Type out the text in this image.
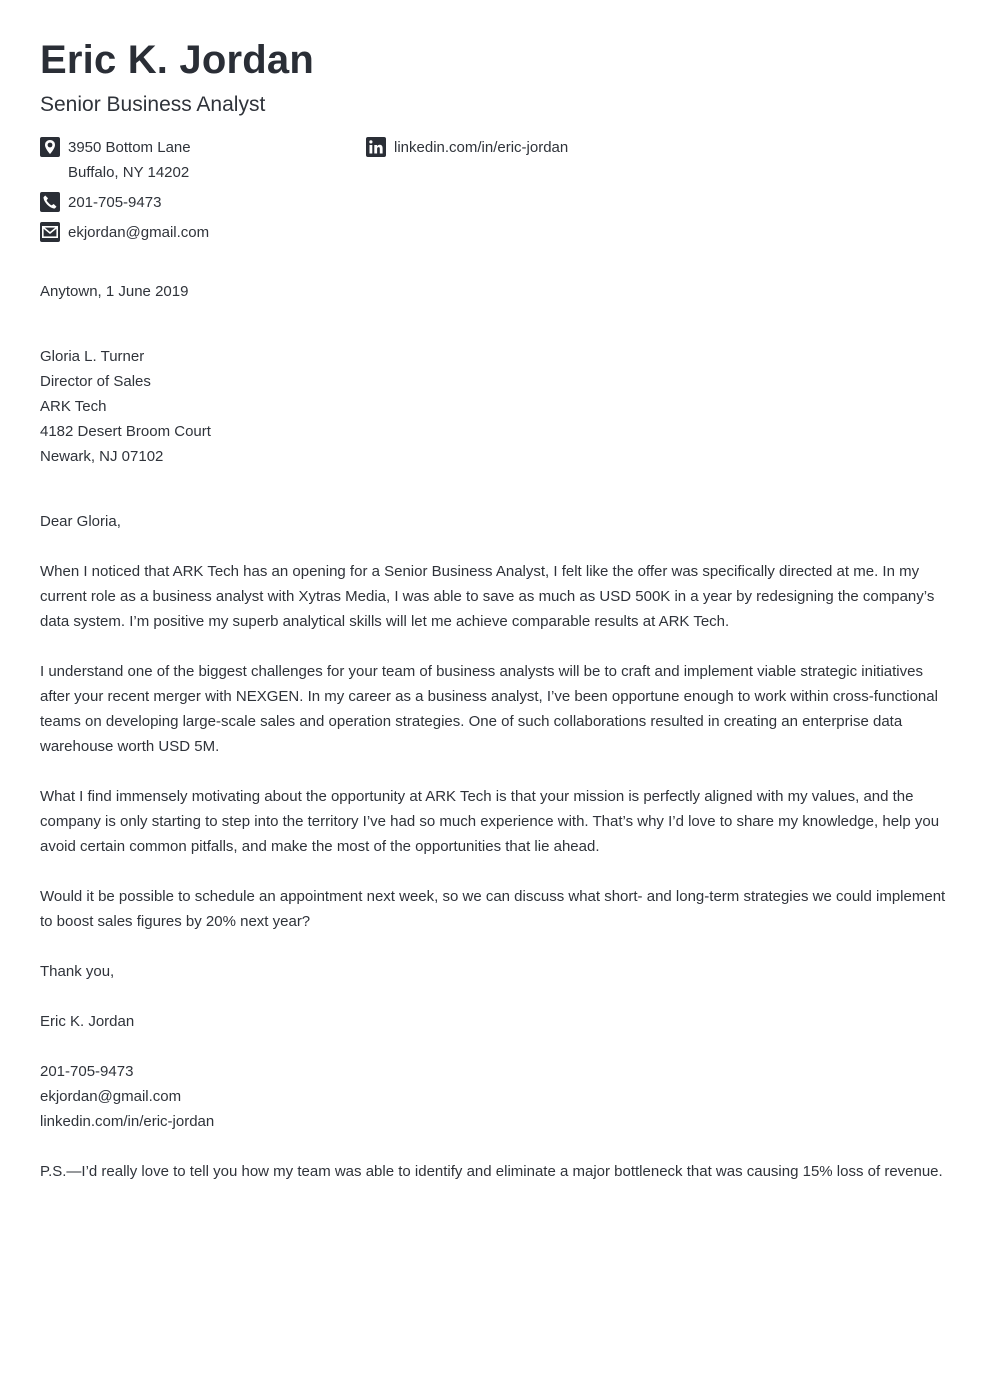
Eric K. Jordan
Senior Business Analyst
3950 Bottom Lane
Buffalo, NY 14202
201-705-9473
ekjordan@gmail.com
linkedin.com/in/eric-jordan
Anytown, 1 June 2019
Gloria L. Turner
Director of Sales
ARK Tech
4182 Desert Broom Court
Newark, NJ 07102
Dear Gloria,
When I noticed that ARK Tech has an opening for a Senior Business Analyst, I felt like the offer was specifically directed at me. In my current role as a business analyst with Xytras Media, I was able to save as much as USD 500K in a year by redesigning the company’s data system. I’m positive my superb analytical skills will let me achieve comparable results at ARK Tech.
I understand one of the biggest challenges for your team of business analysts will be to craft and implement viable strategic initiatives after your recent merger with NEXGEN. In my career as a business analyst, I’ve been opportune enough to work within cross-functional teams on developing large-scale sales and operation strategies. One of such collaborations resulted in creating an enterprise data warehouse worth USD 5M.
What I find immensely motivating about the opportunity at ARK Tech is that your mission is perfectly aligned with my values, and the company is only starting to step into the territory I’ve had so much experience with. That’s why I’d love to share my knowledge, help you avoid certain common pitfalls, and make the most of the opportunities that lie ahead.
Would it be possible to schedule an appointment next week, so we can discuss what short- and long-term strategies we could implement to boost sales figures by 20% next year?
Thank you,
Eric K. Jordan
201-705-9473
ekjordan@gmail.com
linkedin.com/in/eric-jordan
P.S.—I’d really love to tell you how my team was able to identify and eliminate a major bottleneck that was causing 15% loss of revenue.
